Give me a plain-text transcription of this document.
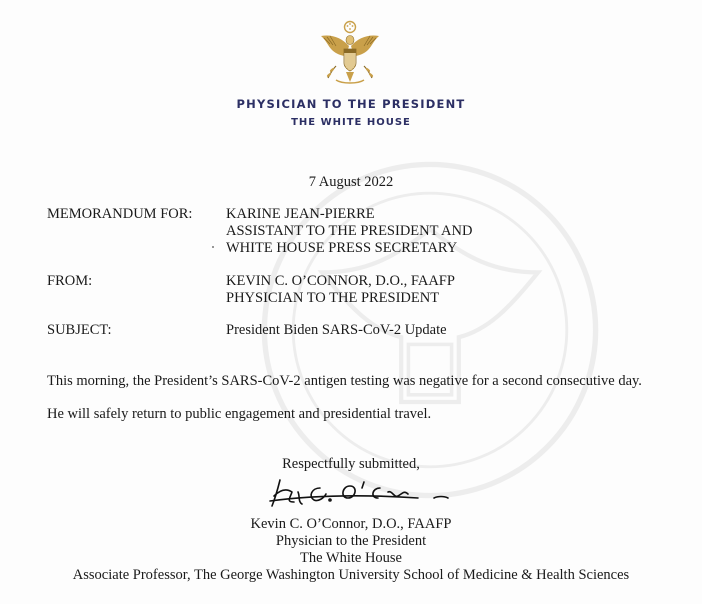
PHYSICIAN TO THE PRESIDENT
THE WHITE HOUSE
7 August 2022
MEMORANDUM FOR: KARINE JEAN-PIERRE
ASSISTANT TO THE PRESIDENT AND
WHITE HOUSE PRESS SECRETARY
FROM:	KEVIN C. O’CONNOR, D.O., FAAFP
PHYSICIAN TO THE PRESIDENT
SUBJECT:	President Biden SARS-CoV-2 Update
This morning, the President’s SARS-CoV-2 antigen testing was negative for a second consecutive day.
He will safely return to public engagement and presidential travel.
Respectfully submitted,
Kevin C. O’Connor, D.O., FAAFP
Physician to the President
The White House
Associate Professor, The George Washington University School of Medicine & Health Sciences
